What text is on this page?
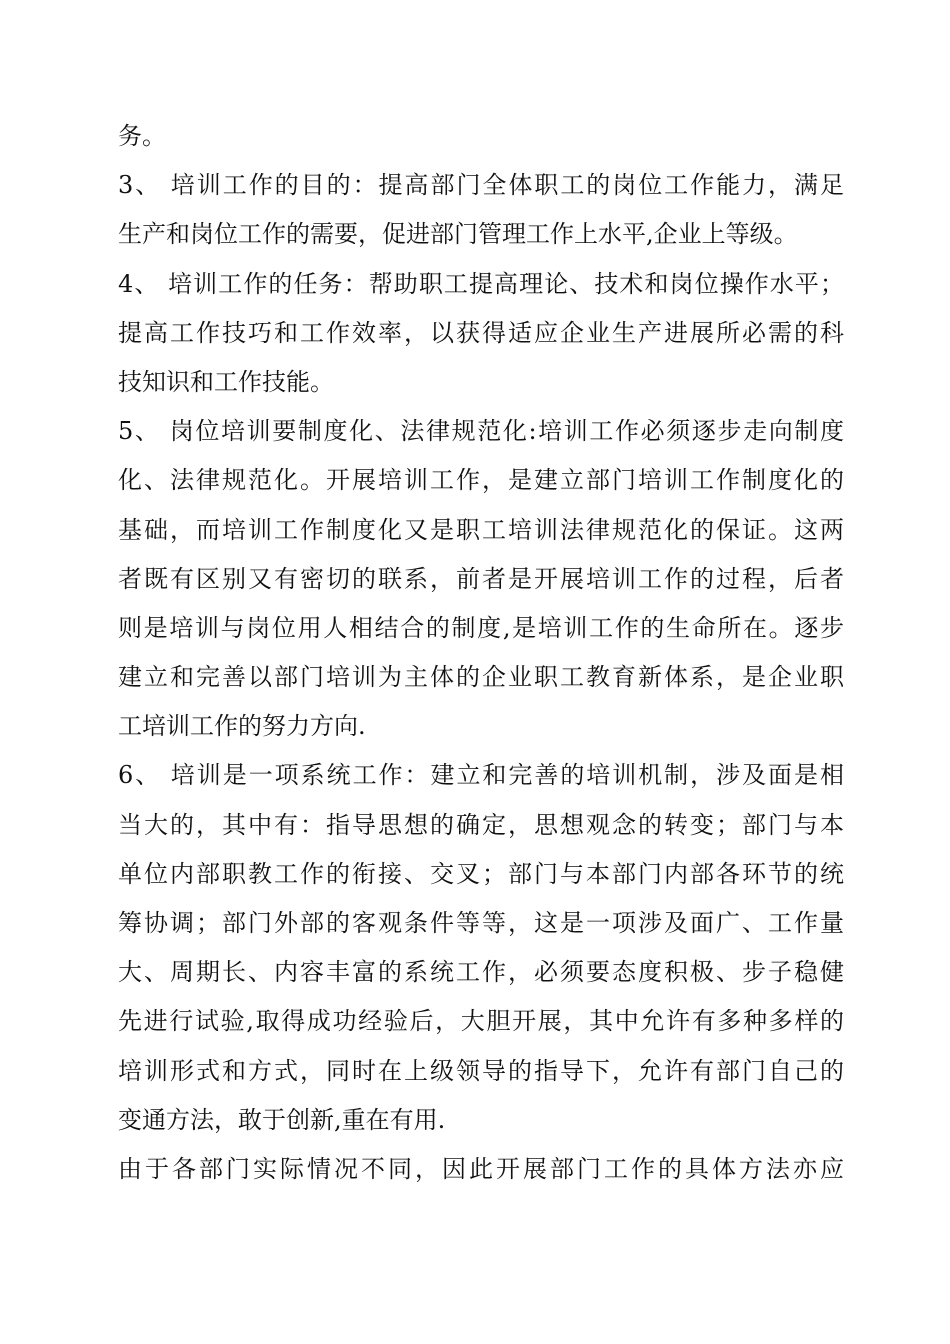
务。
3、 培训工作的目的：提高部门全体职工的岗位工作能力，满足
生产和岗位工作的需要，促进部门管理工作上水平,企业上等级。
4、 培训工作的任务：帮助职工提高理论、技术和岗位操作水平；
提高工作技巧和工作效率，以获得适应企业生产进展所必需的科
技知识和工作技能。
5、 岗位培训要制度化、法律规范化:培训工作必须逐步走向制度
化、法律规范化。开展培训工作，是建立部门培训工作制度化的
基础，而培训工作制度化又是职工培训法律规范化的保证。这两
者既有区别又有密切的联系，前者是开展培训工作的过程，后者
则是培训与岗位用人相结合的制度,是培训工作的生命所在。逐步
建立和完善以部门培训为主体的企业职工教育新体系，是企业职
工培训工作的努力方向.
6、 培训是一项系统工作：建立和完善的培训机制，涉及面是相
当大的，其中有：指导思想的确定，思想观念的转变；部门与本
单位内部职教工作的衔接、交叉；部门与本部门内部各环节的统
筹协调；部门外部的客观条件等等，这是一项涉及面广、工作量
大、周期长、内容丰富的系统工作，必须要态度积极、步子稳健
先进行试验,取得成功经验后，大胆开展，其中允许有多种多样的
培训形式和方式，同时在上级领导的指导下，允许有部门自己的
变通方法，敢于创新,重在有用.
由于各部门实际情况不同，因此开展部门工作的具体方法亦应
